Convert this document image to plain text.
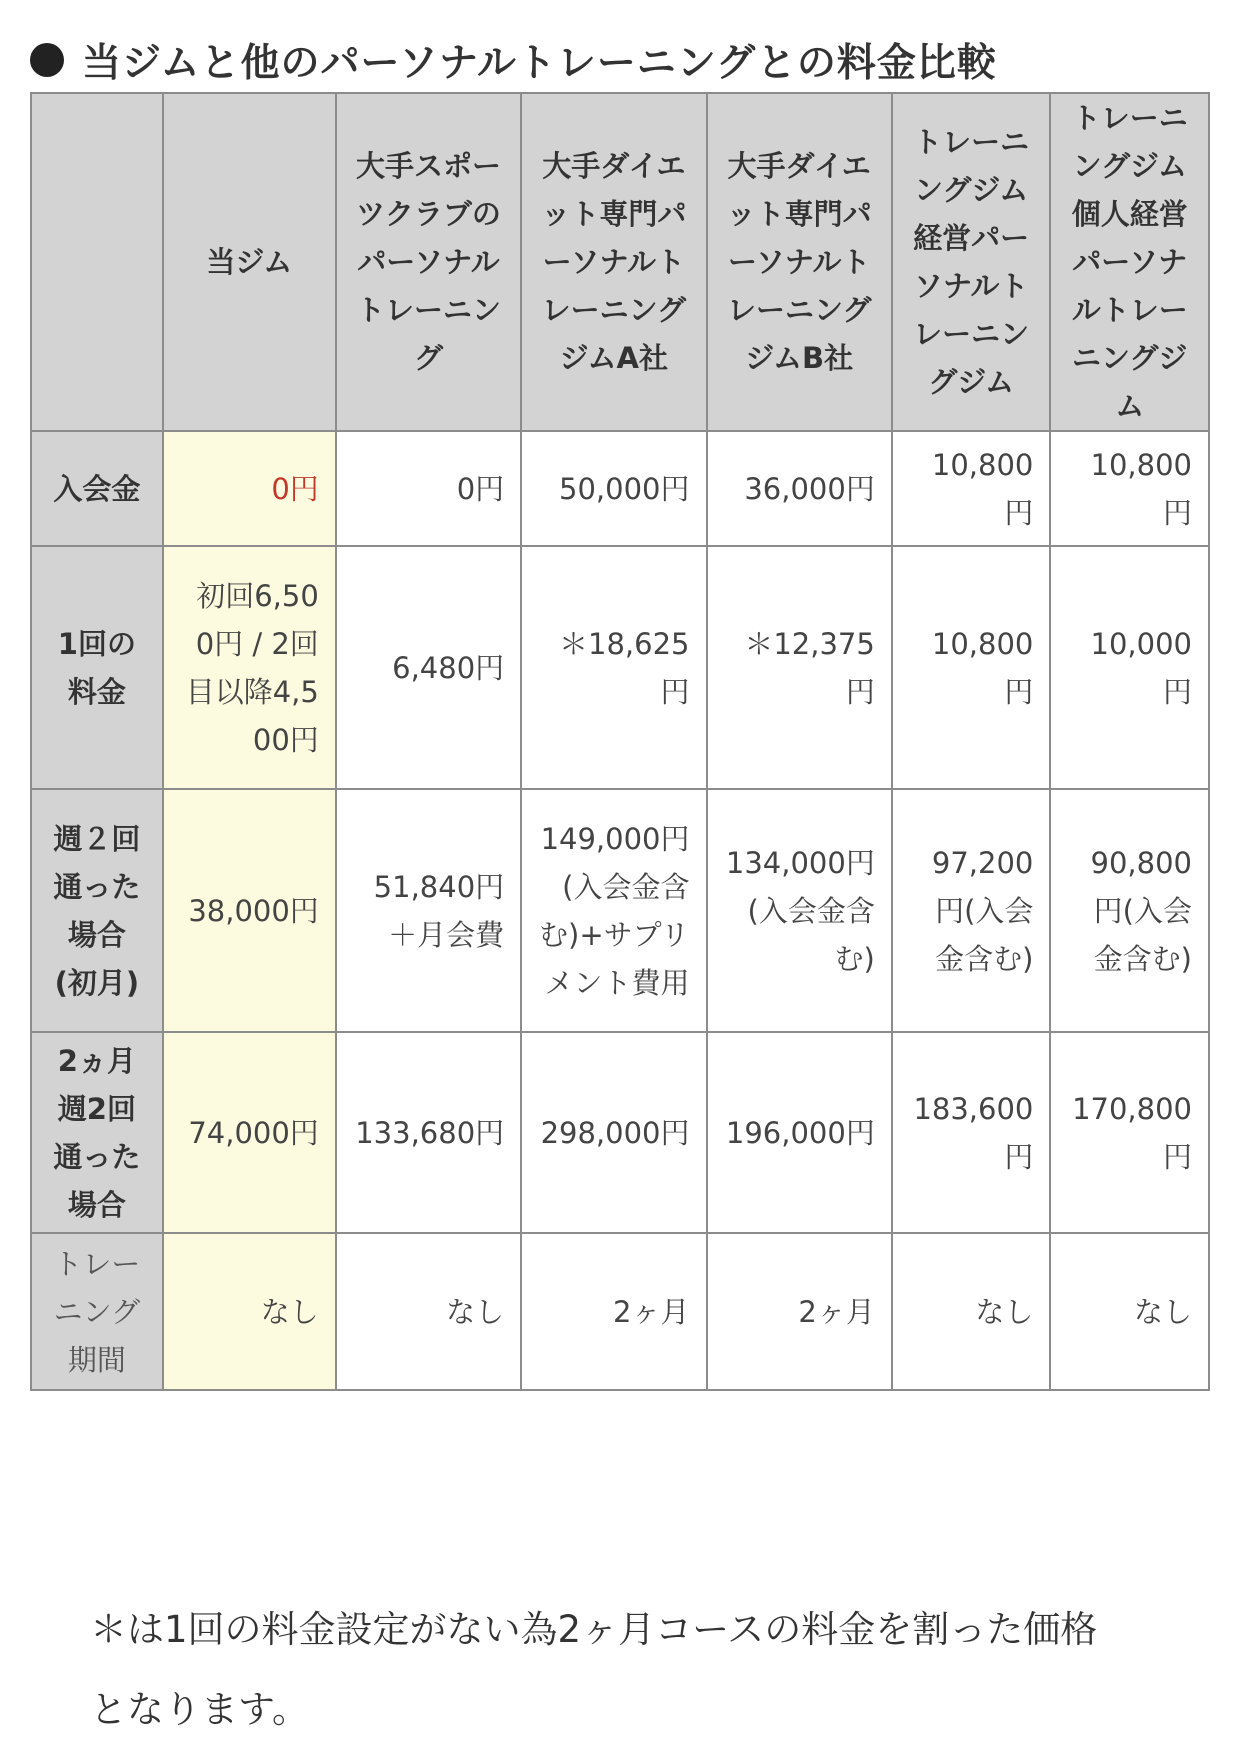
当ジムと他のパーソナルトレーニングとの料金比較
	当ジム	大手スポーツクラブのパーソナルトレーニング	大手ダイエット専門パーソナルトレーニングジムA社	大手ダイエット専門パーソナルトレーニングジムB社	トレーニングジム経営パーソナルトレーニングジム	トレーニングジム個人経営パーソナルトレーニングジム
入会金	0円	0円	50,000円	36,000円	10,800円	10,800円
1回の料金	初回6,500円 / 2回目以降4,500円	6,480円	＊18,625円	＊12,375円	10,800円	10,000円
週２回通った場合(初月)	38,000円	51,840円＋月会費	149,000円(入会金含む)+サプリメント費用	134,000円(入会金含む)	97,200円(入会金含む)	90,800円(入会金含む)
2ヵ月週2回通った場合	74,000円	133,680円	298,000円	196,000円	183,600円	170,800円
トレーニング期間	なし	なし	2ヶ月	2ヶ月	なし	なし
＊は1回の料金設定がない為2ヶ月コースの料金を割った価格となります。
